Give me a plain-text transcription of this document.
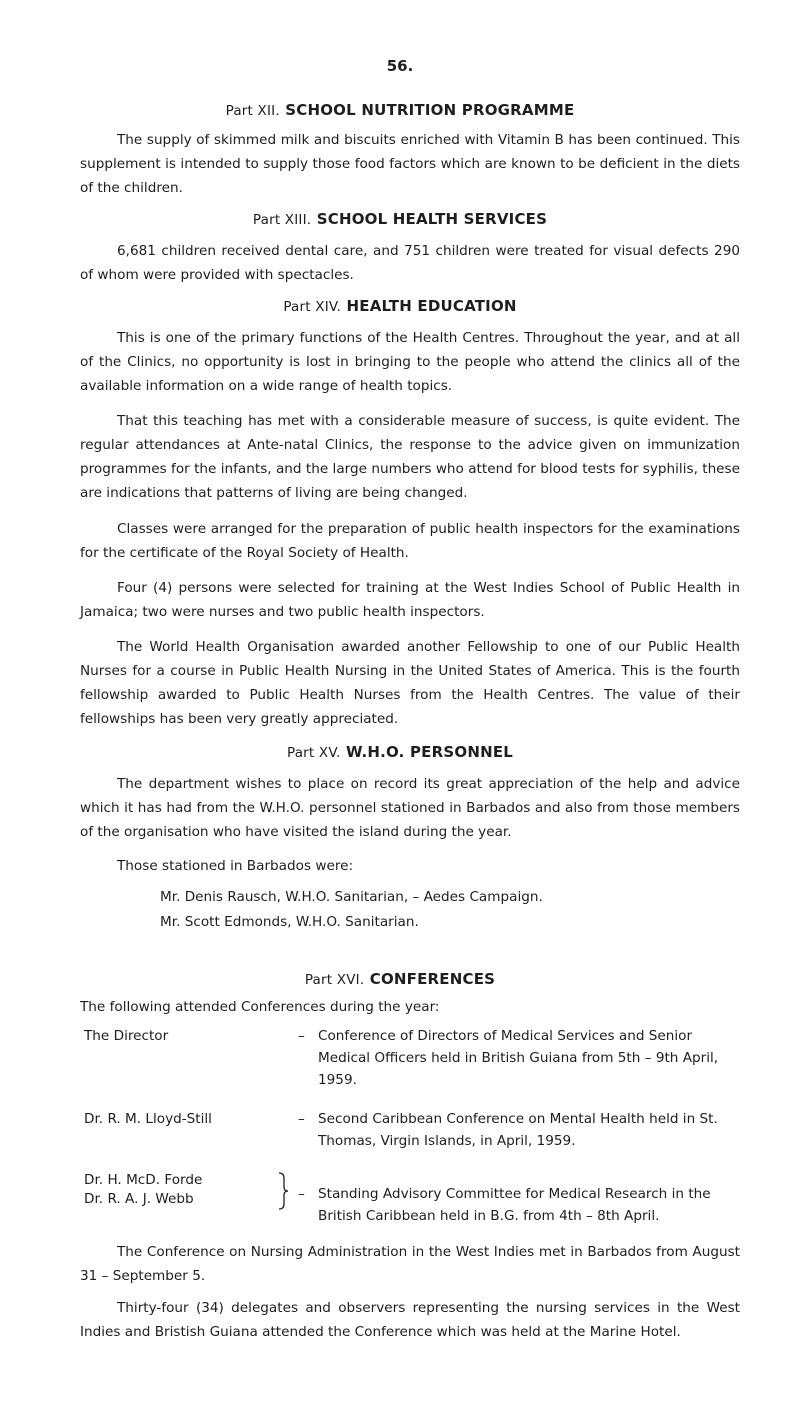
56.
Part XII. SCHOOL NUTRITION PROGRAMME

The supply of skimmed milk and biscuits enriched with Vitamin B has been continued. This supplement is intended to supply those food factors which are known to be deficient in the diets of the children.

Part XIII. SCHOOL HEALTH SERVICES

6,681 children received dental care, and 751 children were treated for visual defects 290 of whom were provided with spectacles.

Part XIV. HEALTH EDUCATION

This is one of the primary functions of the Health Centres. Throughout the year, and at all of the Clinics, no opportunity is lost in bringing to the people who attend the clinics all of the available information on a wide range of health topics.

That this teaching has met with a considerable measure of success, is quite evident. The regular attendances at Ante-natal Clinics, the response to the advice given on immunization programmes for the infants, and the large numbers who attend for blood tests for syphilis, these are indications that patterns of living are being changed.

Classes were arranged for the preparation of public health inspectors for the examinations for the certificate of the Royal Society of Health.

Four (4) persons were selected for training at the West Indies School of Public Health in Jamaica; two were nurses and two public health inspectors.

The World Health Organisation awarded another Fellowship to one of our Public Health Nurses for a course in Public Health Nursing in the United States of America. This is the fourth fellowship awarded to Public Health Nurses from the Health Centres. The value of their fellowships has been very greatly appreciated.

Part XV. W.H.O. PERSONNEL

The department wishes to place on record its great appreciation of the help and advice which it has had from the W.H.O. personnel stationed in Barbados and also from those members of the organisation who have visited the island during the year.

Those stationed in Barbados were:
Mr. Denis Rausch, W.H.O. Sanitarian, – Aedes Campaign.
Mr. Scott Edmonds, W.H.O. Sanitarian.
Part XVI. CONFERENCES
The following attended Conferences during the year:
The Director	– Conference of Directors of Medical Services and Senior Medical Officers held in British Guiana from 5th – 9th April, 1959.

Dr. R. M. Lloyd-Still	– Second Caribbean Conference on Mental Health held in St. Thomas, Virgin Islands, in April, 1959.

Dr. H. McD. Forde
Dr. R. A. J. Webb	– Standing Advisory Committee for Medical Research in the British Caribbean held in B.G. from 4th – 8th April.

The Conference on Nursing Administration in the West Indies met in Barbados from August 31 – September 5.

Thirty-four (34) delegates and observers representing the nursing services in the West Indies and Bristish Guiana attended the Conference which was held at the Marine Hotel.
